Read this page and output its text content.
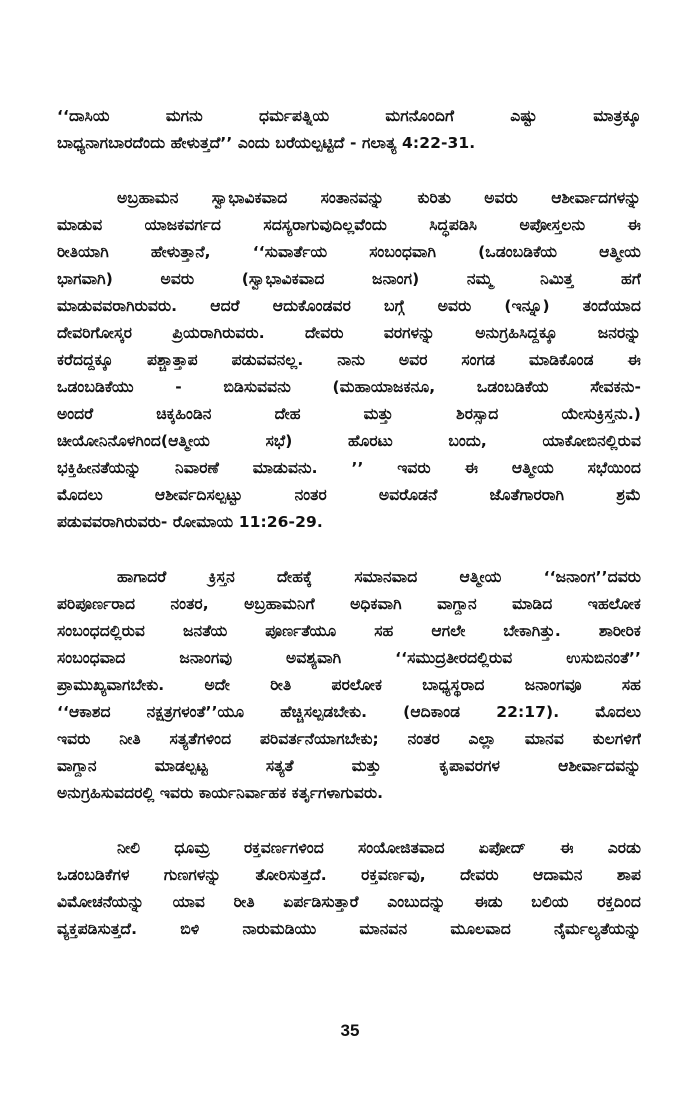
‘‘ದಾಸಿಯ ಮಗನು ಧರ್ಮಪತ್ನಿಯ ಮಗನೊಂದಿಗೆ ಎಷ್ಟು ಮಾತ್ರಕ್ಕೂ
ಬಾಧ್ಯನಾಗಬಾರದೆಂದು ಹೇಳುತ್ತದೆ’’ ಎಂದು ಬರೆಯಲ್ಪಟ್ಟಿದೆ - ಗಲಾತ್ಯ 4:22-31.

ಅಬ್ರಹಾಮನ ಸ್ವಾಭಾವಿಕವಾದ ಸಂತಾನವನ್ನು ಕುರಿತು ಅವರು ಆಶೀರ್ವಾದಗಳನ್ನು
ಮಾಡುವ ಯಾಜಕವರ್ಗದ ಸದಸ್ಯರಾಗುವುದಿಲ್ಲವೆಂದು ಸಿದ್ಧಪಡಿಸಿ ಅಪೋಸ್ತಲನು ಈ
ರೀತಿಯಾಗಿ ಹೇಳುತ್ತಾನೆ, ‘‘ಸುವಾರ್ತೆಯ ಸಂಬಂಧವಾಗಿ (ಒಡಂಬಡಿಕೆಯ ಆತ್ಮೀಯ
ಭಾಗವಾಗಿ) ಅವರು (ಸ್ವಾಭಾವಿಕವಾದ ಜನಾಂಗ) ನಮ್ಮ ನಿಮಿತ್ತ ಹಗೆ
ಮಾಡುವವರಾಗಿರುವರು. ಆದರೆ ಆದುಕೊಂಡವರ ಬಗ್ಗೆ ಅವರು (ಇನ್ನೂ) ತಂದೆಯಾದ
ದೇವರಿಗೋಸ್ಕರ ಪ್ರಿಯರಾಗಿರುವರು. ದೇವರು ವರಗಳನ್ನು ಅನುಗ್ರಹಿಸಿದ್ದಕ್ಕೂ ಜನರನ್ನು
ಕರೆದದ್ದಕ್ಕೂ ಪಶ್ಚಾತ್ತಾಪ ಪಡುವವನಲ್ಲ. ನಾನು ಅವರ ಸಂಗಡ ಮಾಡಿಕೊಂಡ ಈ
ಒಡಂಬಡಿಕೆಯು - ಬಿಡಿಸುವವನು (ಮಹಾಯಾಜಕನೂ, ಒಡಂಬಡಿಕೆಯ ಸೇವಕನು-
ಅಂದರೆ ಚಿಕ್ಕಹಿಂಡಿನ ದೇಹ ಮತ್ತು ಶಿರಸ್ಸಾದ ಯೇಸುಕ್ರಿಸ್ತನು.)
ಚೀಯೋನಿನೊಳಗಿಂದ(ಆತ್ಮೀಯ ಸಭೆ) ಹೊರಟು ಬಂದು, ಯಾಕೋಬಿನಲ್ಲಿರುವ
ಭಕ್ತಿಹೀನತೆಯನ್ನು ನಿವಾರಣೆ ಮಾಡುವನು. ’’ ಇವರು ಈ ಆತ್ಮೀಯ ಸಭೆಯಿಂದ
ಮೊದಲು ಆಶೀರ್ವದಿಸಲ್ಪಟ್ಟು ನಂತರ ಅವರೊಡನೆ ಜೊತೆಗಾರರಾಗಿ ಶ್ರಮೆ
ಪಡುವವರಾಗಿರುವರು- ರೋಮಾಯ 11:26-29.

ಹಾಗಾದರೆ ಕ್ರಿಸ್ತನ ದೇಹಕ್ಕೆ ಸಮಾನವಾದ ಆತ್ಮೀಯ ‘‘ಜನಾಂಗ’’ದವರು
ಪರಿಪೂರ್ಣರಾದ ನಂತರ, ಅಬ್ರಹಾಮನಿಗೆ ಅಧಿಕವಾಗಿ ವಾಗ್ದಾನ ಮಾಡಿದ ಇಹಲೋಕ
ಸಂಬಂಧದಲ್ಲಿರುವ ಜನತೆಯ ಪೂರ್ಣತೆಯೂ ಸಹ ಆಗಲೇ ಬೇಕಾಗಿತ್ತು. ಶಾರೀರಿಕ
ಸಂಬಂಧವಾದ ಜನಾಂಗವು ಅವಶ್ಯವಾಗಿ ‘‘ಸಮುದ್ರತೀರದಲ್ಲಿರುವ ಉಸುಬಿನಂತೆ’’
ಪ್ರಾಮುಖ್ಯವಾಗಬೇಕು. ಅದೇ ರೀತಿ ಪರಲೋಕ ಬಾಧ್ಯಸ್ಥರಾದ ಜನಾಂಗವೂ ಸಹ
‘‘ಆಕಾಶದ ನಕ್ಷತ್ರಗಳಂತೆ’’ಯೂ ಹೆಚ್ಚಿಸಲ್ಪಡಬೇಕು. (ಆದಿಕಾಂಡ 22:17). ಮೊದಲು
ಇವರು ನೀತಿ ಸತ್ಯತೆಗಳಿಂದ ಪರಿವರ್ತನೆಯಾಗಬೇಕು; ನಂತರ ಎಲ್ಲಾ ಮಾನವ ಕುಲಗಳಿಗೆ
ವಾಗ್ದಾನ ಮಾಡಲ್ಪಟ್ಟ ಸತ್ಯತೆ ಮತ್ತು ಕೃಪಾವರಗಳ ಆಶೀರ್ವಾದವನ್ನು
ಅನುಗ್ರಹಿಸುವದರಲ್ಲಿ ಇವರು ಕಾರ್ಯನಿರ್ವಾಹಕ ಕರ್ತೃಗಳಾಗುವರು.

ನೀಲಿ ಧೂಮ್ರ ರಕ್ತವರ್ಣಗಳಿಂದ ಸಂಯೋಜಿತವಾದ ಏಪೋದ್ ಈ ಎರಡು
ಒಡಂಬಡಿಕೆಗಳ ಗುಣಗಳನ್ನು ತೋರಿಸುತ್ತದೆ. ರಕ್ತವರ್ಣವು, ದೇವರು ಆದಾಮನ ಶಾಪ
ವಿಮೋಚನೆಯನ್ನು ಯಾವ ರೀತಿ ಏರ್ಪಡಿಸುತ್ತಾರೆ ಎಂಬುದನ್ನು ಈಡು ಬಲಿಯ ರಕ್ತದಿಂದ
ವ್ಯಕ್ತಪಡಿಸುತ್ತದೆ. ಬಿಳಿ ನಾರುಮಡಿಯು ಮಾನವನ ಮೂಲವಾದ ನೈರ್ಮಲ್ಯತೆಯನ್ನು

35
